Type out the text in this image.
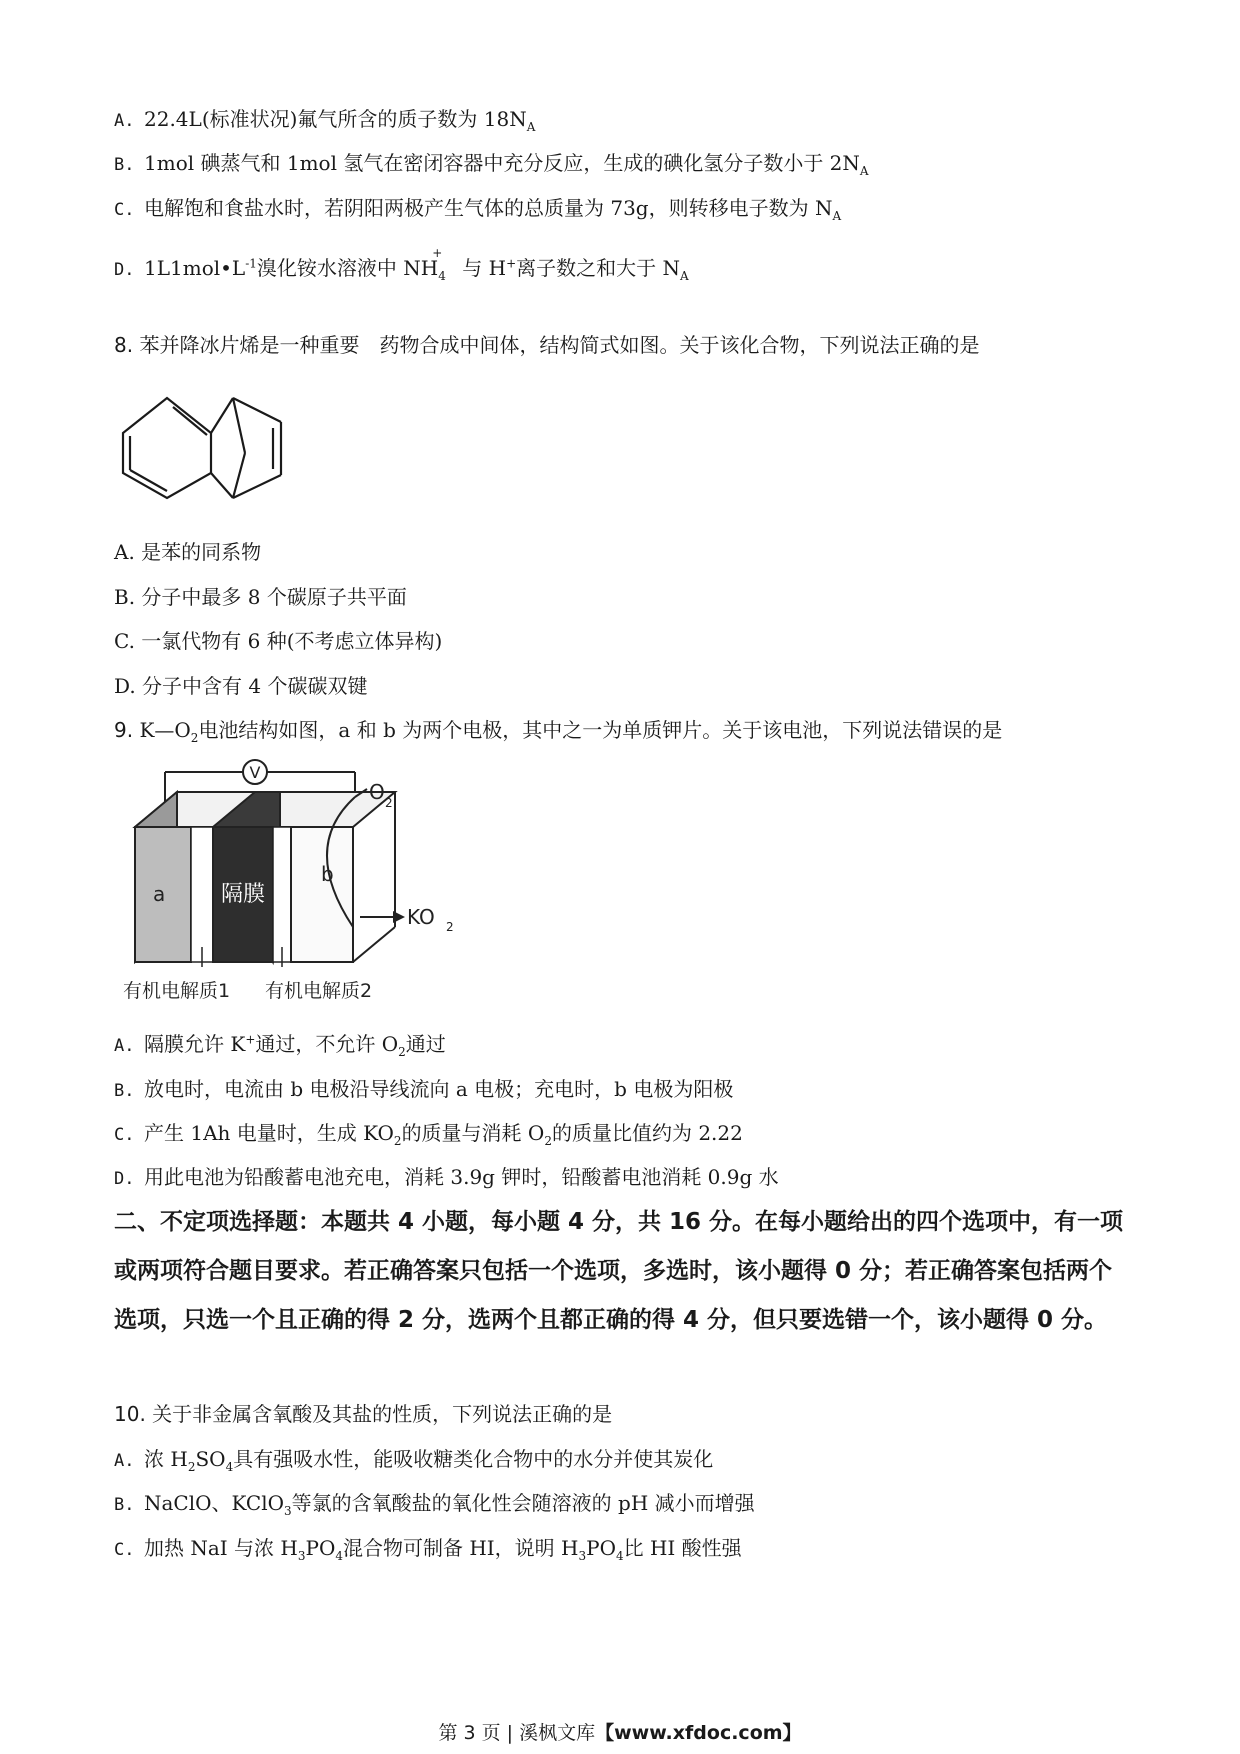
A. 22.4L(标准状况)氟气所含的质子数为 $18N_A$
B. 1mol 碘蒸气和 1mol 氢气在密闭容器中充分反应，生成的碘化氢分子数小于 $2N_A$
C. 电解饱和食盐水时，若阴阳两极产生气体的总质量为 73g，则转移电子数为 $N_A$
D. $1L1mol•L^{-1}$溴化铵水溶液中 $NH^+_4$ 与 H+离子数之和大于 $N_A$
8. 苯并降冰片烯是一种重要　药物合成中间体，结构简式如图。关于该化合物，下列说法正确的是
A. 是苯的同系物
B. 分子中最多 8 个碳原子共平面
C. 一氯代物有 6 种(不考虑立体异构)
D. 分子中含有 4 个碳碳双键
9. $K—O_2$电池结构如图，a 和 b 为两个电极，其中之一为单质钾片。关于该电池，下列说法错误的是
V
a	隔膜
b
O 2
KO 2
有机电解质1 有机电解质2
A. 隔膜允许 K+通过，不允许 $O_2$通过
B. 放电时，电流由 b 电极沿导线流向 a 电极；充电时，b 电极为阳极
C. 产生 1Ah 电量时，生成 $KO_2$的质量与消耗 $O_2$的质量比值约为 2.22
D. 用此电池为铅酸蓄电池充电，消耗 3.9g 钾时，铅酸蓄电池消耗 0.9g 水
二、不定项选择题：本题共 4 小题，每小题 4 分，共 16 分。在每小题给出的四个选项中，有一项或两项符合题目要求。若正确答案只包括一个选项，多选时，该小题得 0 分；若正确答案包括两个选项，只选一个且正确的得 2 分，选两个且都正确的得 4 分，但只要选错一个，该小题得 0 分。
10. 关于非金属含氧酸及其盐的性质，下列说法正确的是
A. 浓 $H_2SO_4$具有强吸水性，能吸收糖类化合物中的水分并使其炭化
B. NaClO、KClO$_3$等氯的含氧酸盐的氧化性会随溶液的 pH 减小而增强
C. 加热 NaI 与浓 $H_3PO_4$混合物可制备 HI，说明 $H_3PO_4$比 HI 酸性强
第 3 页 | 溪枫文库【www.xfdoc.com】
